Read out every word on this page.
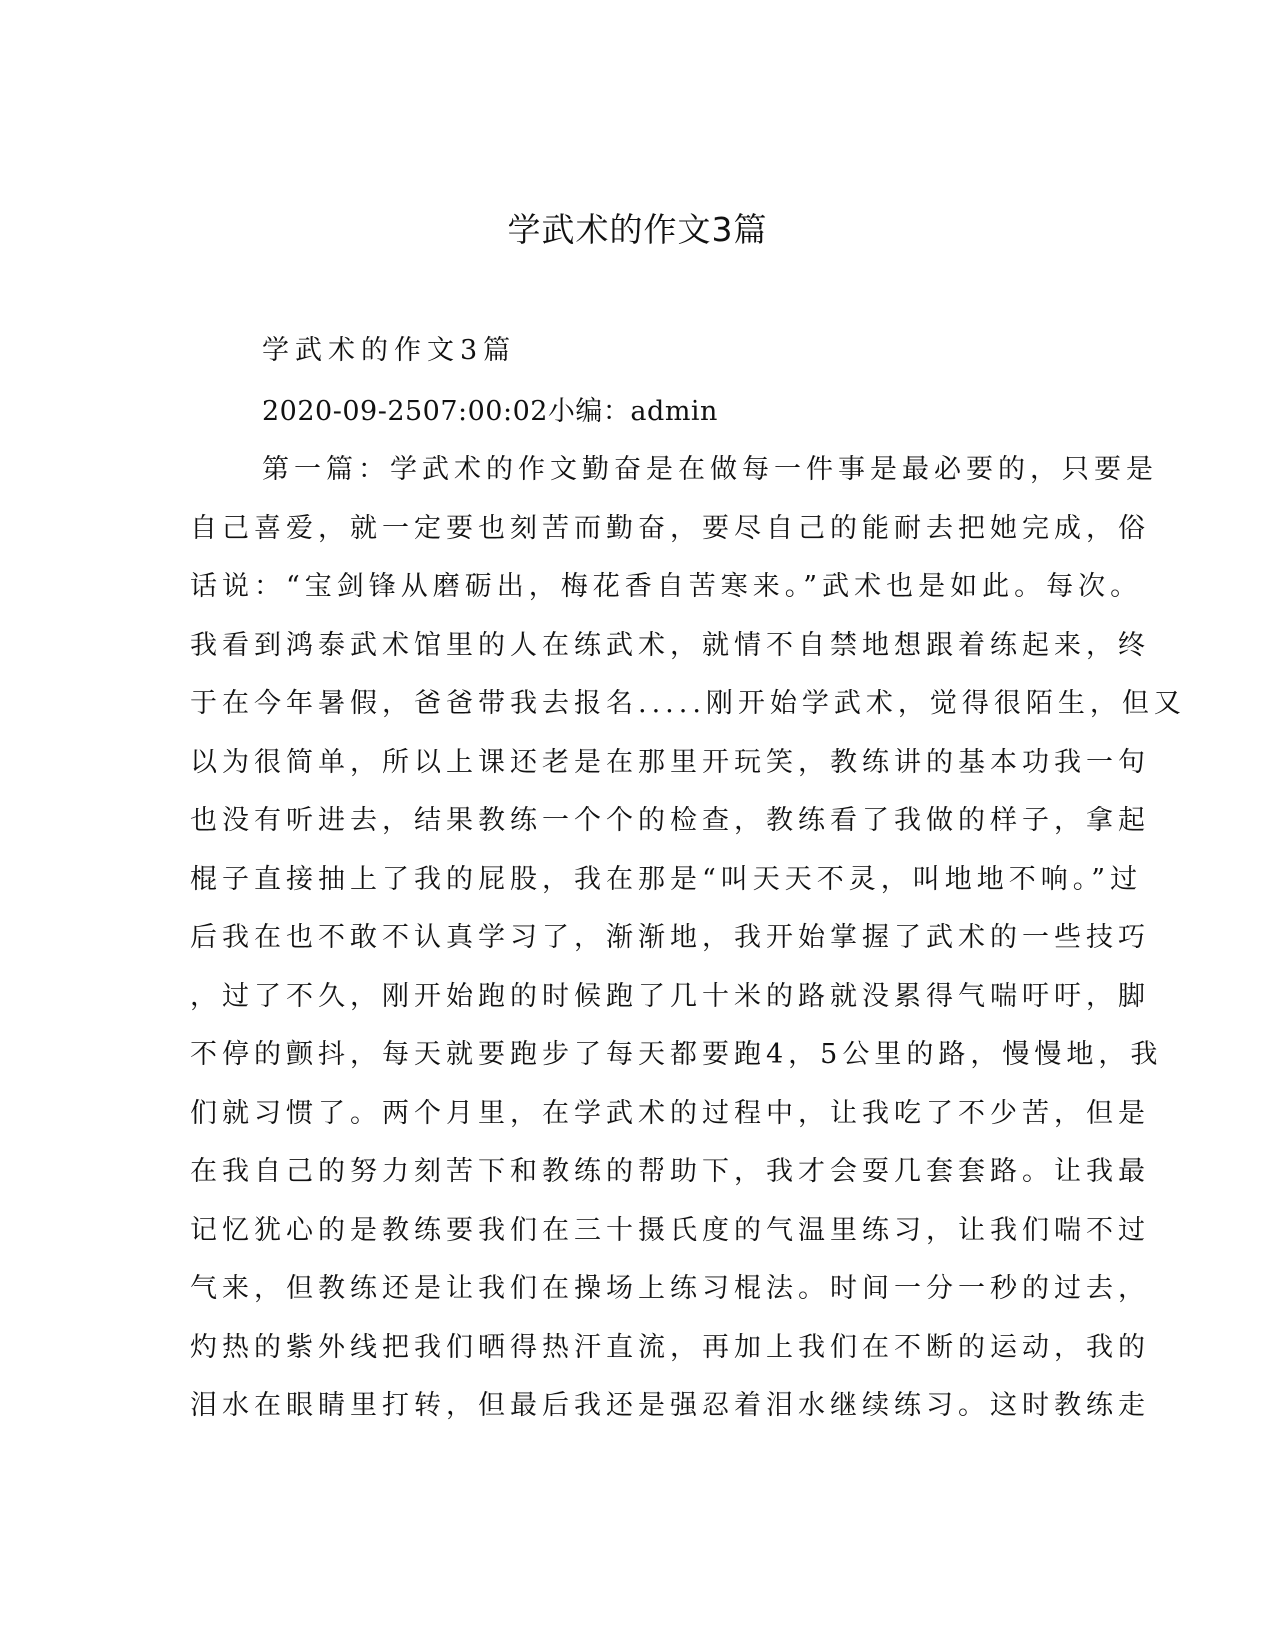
学武术的作文3篇

学武术的作文3篇

2020-09-2507:00:02小编：admin

第一篇：学武术的作文勤奋是在做每一件事是最必要的，只要是

自己喜爱，就一定要也刻苦而勤奋，要尽自己的能耐去把她完成，俗

话说：“宝剑锋从磨砺出，梅花香自苦寒来。”武术也是如此。每次。

我看到鸿泰武术馆里的人在练武术，就情不自禁地想跟着练起来，终

于在今年暑假，爸爸带我去报名.....刚开始学武术，觉得很陌生，但又

以为很简单，所以上课还老是在那里开玩笑，教练讲的基本功我一句

也没有听进去，结果教练一个个的检查，教练看了我做的样子，拿起

棍子直接抽上了我的屁股，我在那是“叫天天不灵，叫地地不响。”过

后我在也不敢不认真学习了，渐渐地，我开始掌握了武术的一些技巧

，过了不久，刚开始跑的时候跑了几十米的路就没累得气喘吁吁，脚

不停的颤抖，每天就要跑步了每天都要跑4，5公里的路，慢慢地，我

们就习惯了。两个月里，在学武术的过程中，让我吃了不少苦，但是

在我自己的努力刻苦下和教练的帮助下，我才会耍几套套路。让我最

记忆犹心的是教练要我们在三十摄氏度的气温里练习，让我们喘不过

气来，但教练还是让我们在操场上练习棍法。时间一分一秒的过去，

灼热的紫外线把我们晒得热汗直流，再加上我们在不断的运动，我的

泪水在眼睛里打转，但最后我还是强忍着泪水继续练习。这时教练走
